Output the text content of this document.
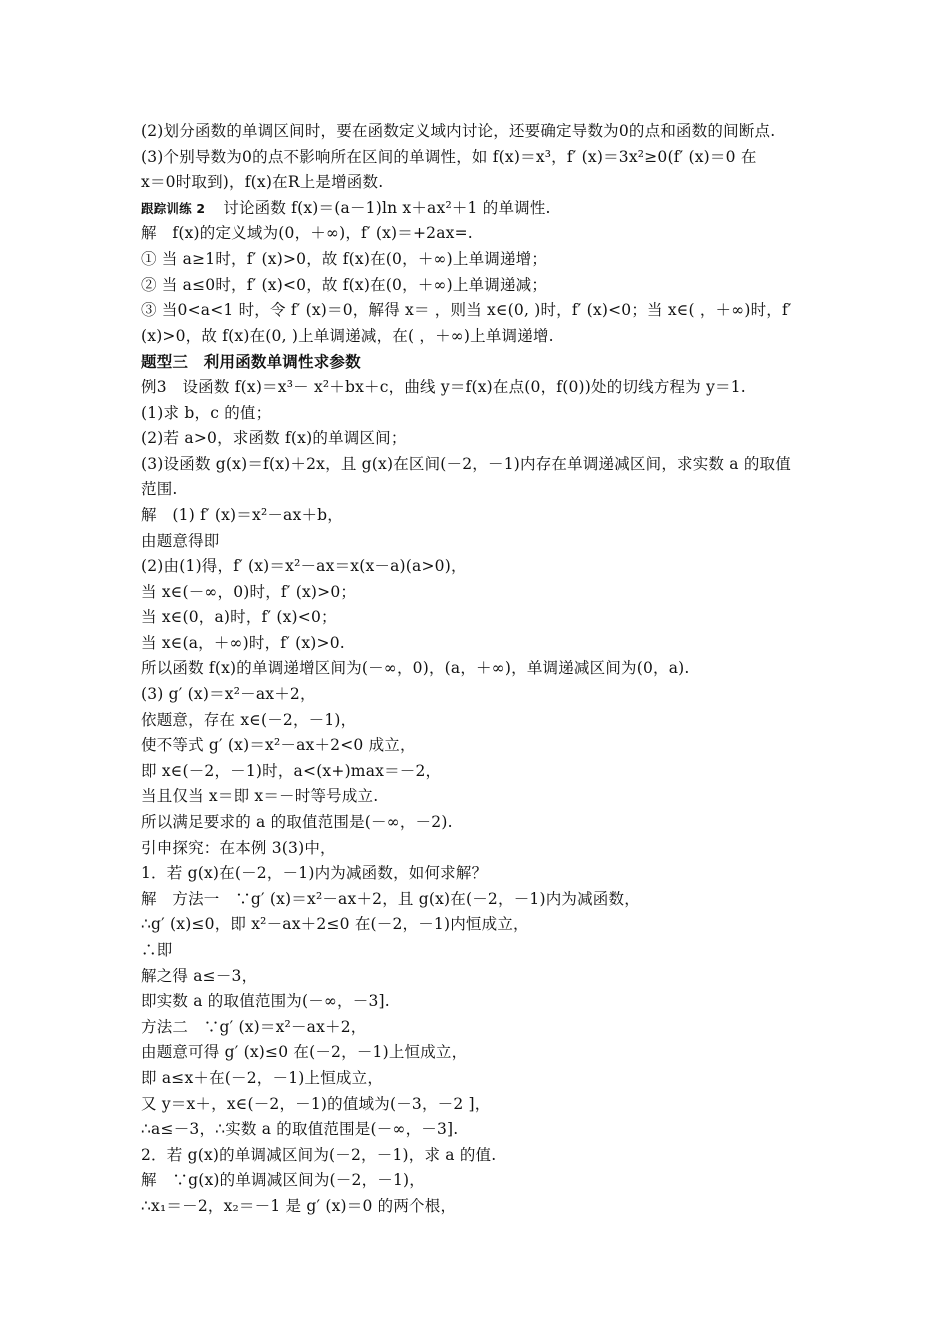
(2)划分函数的单调区间时，要在函数定义域内讨论，还要确定导数为0的点和函数的间断点.
(3)个别导数为0的点不影响所在区间的单调性，如 f(x)＝x³，f′ (x)＝3x²≥0(f′ (x)＝0 在
x＝0时取到)，f(x)在R上是增函数.
跟踪训练 2 讨论函数 f(x)＝(a－1)ln x＋ax²＋1 的单调性.
解　f(x)的定义域为(0，＋∞)，f′ (x)＝+2ax=.
① 当 a≥1时，f′ (x)>0，故 f(x)在(0，＋∞)上单调递增；
② 当 a≤0时，f′ (x)<0，故 f(x)在(0，＋∞)上单调递减；
③ 当0<a<1 时，令 f′ (x)＝0，解得 x＝ ，则当 x∈(0, )时，f′ (x)<0；当 x∈( ，＋∞)时，f′
(x)>0，故 f(x)在(0, )上单调递减，在( ，＋∞)上单调递增.
题型三　利用函数单调性求参数
例3　设函数 f(x)＝x³－ x²＋bx＋c，曲线 y＝f(x)在点(0，f(0))处的切线方程为 y＝1.
(1)求 b，c 的值；
(2)若 a>0，求函数 f(x)的单调区间；
(3)设函数 g(x)＝f(x)＋2x，且 g(x)在区间(－2，－1)内存在单调递减区间，求实数 a 的取值
范围.
解　(1) f′ (x)＝x²－ax＋b，
由题意得即
(2)由(1)得，f′ (x)＝x²－ax＝x(x－a)(a>0)，
当 x∈(－∞，0)时，f′ (x)>0；
当 x∈(0，a)时，f′ (x)<0；
当 x∈(a，＋∞)时，f′ (x)>0.
所以函数 f(x)的单调递增区间为(－∞，0)，(a，＋∞)，单调递减区间为(0，a).
(3) g′ (x)＝x²－ax＋2，
依题意，存在 x∈(－2，－1)，
使不等式 g′ (x)＝x²－ax＋2<0 成立，
即 x∈(－2，－1)时，a<(x+)max＝－2，
当且仅当 x＝即 x＝－时等号成立.
所以满足要求的 a 的取值范围是(－∞，－2).
引申探究：在本例 3(3)中，
1．若 g(x)在(－2，－1)内为减函数，如何求解？
解　方法一　∵g′ (x)＝x²－ax＋2，且 g(x)在(－2，－1)内为减函数，
∴g′ (x)≤0，即 x²－ax＋2≤0 在(－2，－1)内恒成立，
∴即
解之得 a≤－3，
即实数 a 的取值范围为(－∞，－3].
方法二　∵g′ (x)＝x²－ax＋2，
由题意可得 g′ (x)≤0 在(－2，－1)上恒成立，
即 a≤x＋在(－2，－1)上恒成立，
又 y＝x＋，x∈(－2，－1)的值域为(－3，－2 ]，
∴a≤－3，∴实数 a 的取值范围是(－∞，－3].
2．若 g(x)的单调减区间为(－2，－1)，求 a 的值.
解　∵g(x)的单调减区间为(－2，－1)，
∴x₁＝－2，x₂＝－1 是 g′ (x)＝0 的两个根，
